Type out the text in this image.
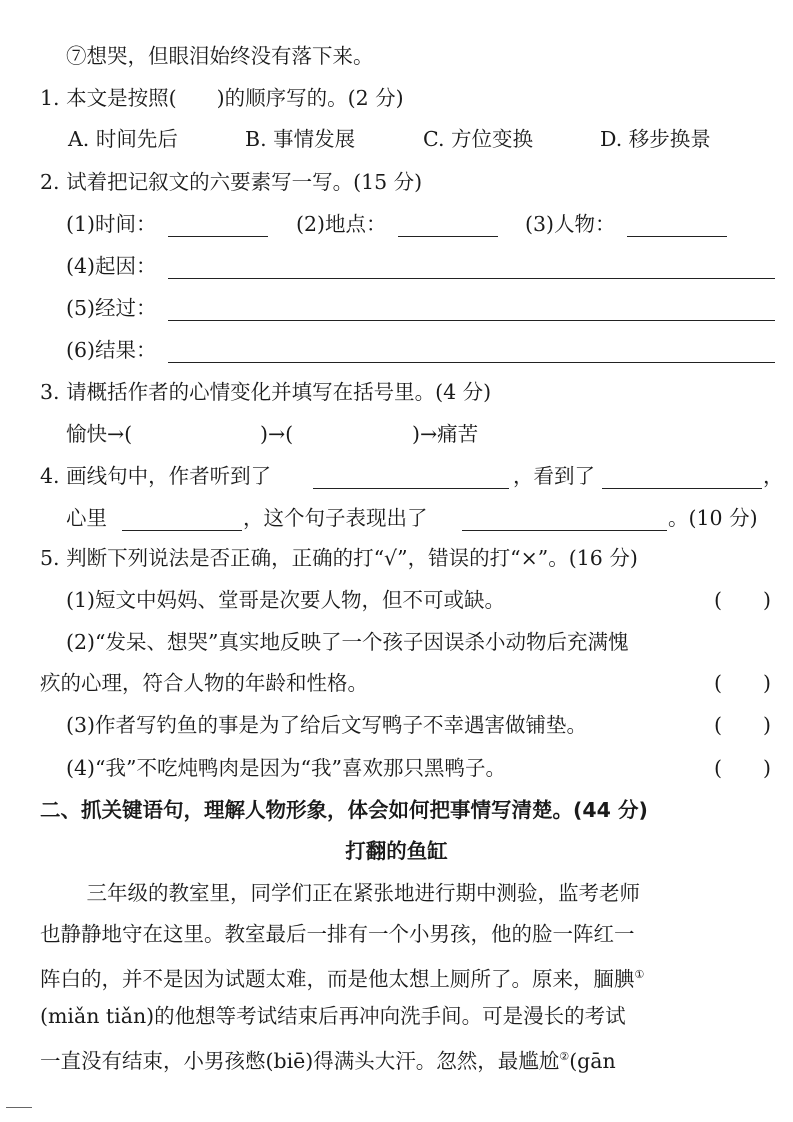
⑦想哭，但眼泪始终没有落下来。
1. 本文是按照( )的顺序写的。(2 分)
A. 时间先后	B. 事情发展	C. 方位变换	D. 移步换景
2. 试着把记叙文的六要素写一写。(15 分)
(1)时间：	(2)地点：	(3)人物：
(4)起因：
(5)经过：
(6)结果：
3. 请概括作者的心情变化并填写在括号里。(4 分)
愉快→(	)→(	)→痛苦
4. 画线句中，作者听到了	，看到了	，
心里	，这个句子表现出了	。(10 分)
5. 判断下列说法是否正确，正确的打“√”，错误的打“×”。(16 分)
(1)短文中妈妈、堂哥是次要人物，但不可或缺。	(　　)
(2)“发呆、想哭”真实地反映了一个孩子因误杀小动物后充满愧
疚的心理，符合人物的年龄和性格。	(　　)
(3)作者写钓鱼的事是为了给后文写鸭子不幸遇害做铺垫。	(　　)
(4)“我”不吃炖鸭肉是因为“我”喜欢那只黑鸭子。	(　　)
二、抓关键语句，理解人物形象，体会如何把事情写清楚。(44 分)
打翻的鱼缸
　三年级的教室里，同学们正在紧张地进行期中测验，监考老师
也静静地守在这里。教室最后一排有一个小男孩，他的脸一阵红一
阵白的，并不是因为试题太难，而是他太想上厕所了。原来，腼腆①
(miǎn tiǎn)的他想等考试结束后再冲向洗手间。可是漫长的考试
一直没有结束，小男孩憋(biē)得满头大汗。忽然，最尴尬②(gān
